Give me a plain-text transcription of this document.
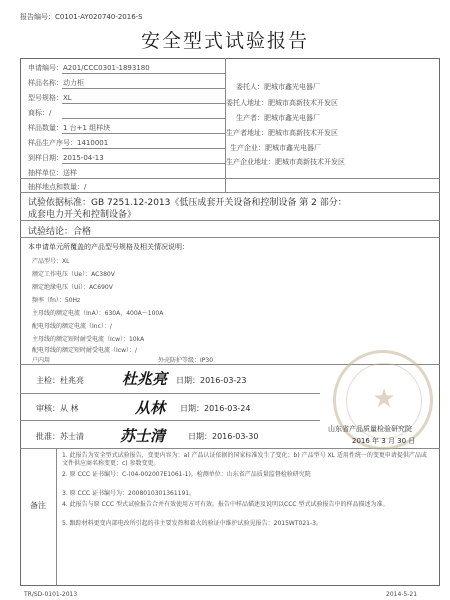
报告编号：C0101-AY020740-2016-S
安全型式试验报告
申请编号：A201/CCC0301-1893180
样品名称：动力柜
型号规格：XL
商标：/
样品数量：1 台+1 组样块
样品生产序号：1410001
到样日期：2015-04-13
抽样单位：送样
抽样地点和数量：/
委托人：肥城市鑫光电器厂
委托人地址：肥城市高新技术开发区
生产者：肥城市鑫光电器厂
生产者地址：肥城市高新技术开发区
生产企业：肥城市鑫光电器厂
生产企业地址：肥城市高新技术开发区
试验依据标准：GB 7251.12-2013《低压成套开关设备和控制设备 第 2 部分：
成套电力开关和控制设备》
试验结论：合格
本申请单元所覆盖的产品型号规格及相关情况说明：
产品型号：XL
额定工作电压（Ue）：AC380V
额定绝缘电压（Ui）：AC690V
频率（fn）：50Hz
主母线的额定电流（InA）：630A，400A～100A
配电母线的额定电流（Inc）：/
主母线的额定短时耐受电流（Icw）：10kA
配电母线的额定短时耐受电流（Icw）：/
户内用	外壳防护等级：IP30
★
主检：杜兆亮	杜兆亮 日期：2016-03-23
审核：从 林	从林 日期：2016-03-24
批准：苏士清 苏士清	日期：2016-03-30
山东省产品质量检验研究院
2016 年 3 月 30 日
备注
1. 此报告为安全型式试验报告，变更内容为：a) 产品认证依据的国家标准发生了变化；b) 产品型号 XL 适用性统一的变更申请提供产品或文件供应商名称变更；c) 参数变更。
2. 原 CCC 证书编号：C-(04-002007E1061-1)。检测单位：山东省产品质量监督检验研究院
3. 原 CCC 证书编号为：2008010301361191。
4. 此报告与原 CCC 型式试验报告合并有效使用方可有效。报告中样品描述及说明以CCC 型式试验报告中的样品描述为准。
5. 跟踪材料更变内部电改所引起的非主要发热和着火的验证中维护试验见报告：2015WT021-3。
TR/SD-0101-2013	2014-5-21
